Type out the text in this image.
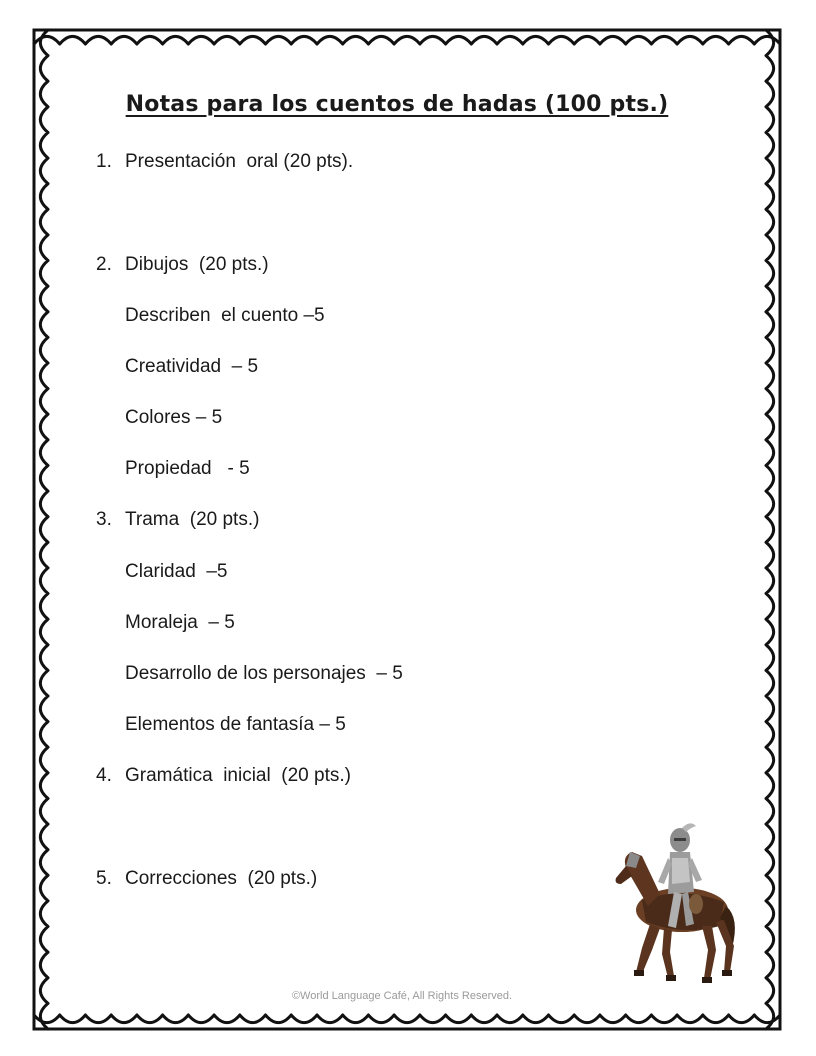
Notas para los cuentos de hadas (100 pts.)
1. Presentación  oral (20 pts).
2. Dibujos  (20 pts.)
Describen  el cuento –5
Creatividad  – 5
Colores – 5
Propiedad   - 5
3. Trama  (20 pts.)
Claridad  –5
Moraleja  – 5
Desarrollo de los personajes  – 5
Elementos de fantasía – 5
4. Gramática  inicial  (20 pts.)
5. Correcciones  (20 pts.)
©World Language Café, All Rights Reserved.
